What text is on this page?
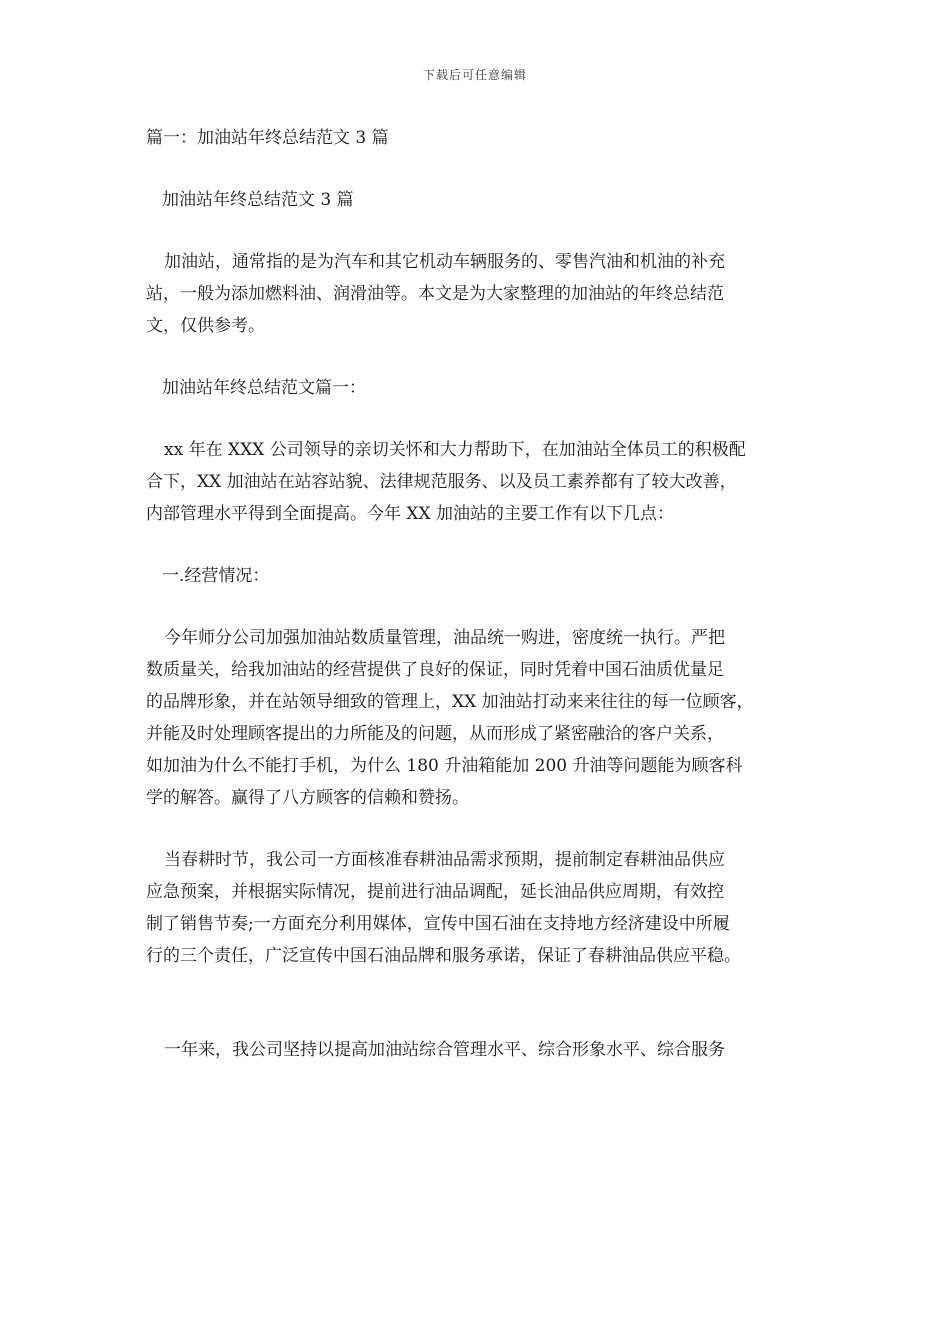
下载后可任意编辑

篇一：加油站年终总结范文 3 篇

加油站年终总结范文 3 篇

加油站，通常指的是为汽车和其它机动车辆服务的、零售汽油和机油的补充
站，一般为添加燃料油、润滑油等。本文是为大家整理的加油站的年终总结范
文，仅供参考。

加油站年终总结范文篇一：

xx 年在 XXX 公司领导的亲切关怀和大力帮助下，在加油站全体员工的积极配
合下，XX 加油站在站容站貌、法律规范服务、以及员工素养都有了较大改善，
内部管理水平得到全面提高。今年 XX 加油站的主要工作有以下几点：

一.经营情况：

今年师分公司加强加油站数质量管理，油品统一购进，密度统一执行。严把
数质量关，给我加油站的经营提供了良好的保证，同时凭着中国石油质优量足
的品牌形象，并在站领导细致的管理上，XX 加油站打动来来往往的每一位顾客，
并能及时处理顾客提出的力所能及的问题，从而形成了紧密融洽的客户关系，
如加油为什么不能打手机，为什么 180 升油箱能加 200 升油等问题能为顾客科
学的解答。赢得了八方顾客的信赖和赞扬。
当春耕时节，我公司一方面核准春耕油品需求预期，提前制定春耕油品供应
应急预案，并根据实际情况，提前进行油品调配，延长油品供应周期，有效控
制了销售节奏;一方面充分利用媒体，宣传中国石油在支持地方经济建设中所履
行的三个责任，广泛宣传中国石油品牌和服务承诺，保证了春耕油品供应平稳。
一年来，我公司坚持以提高加油站综合管理水平、综合形象水平、综合服务
